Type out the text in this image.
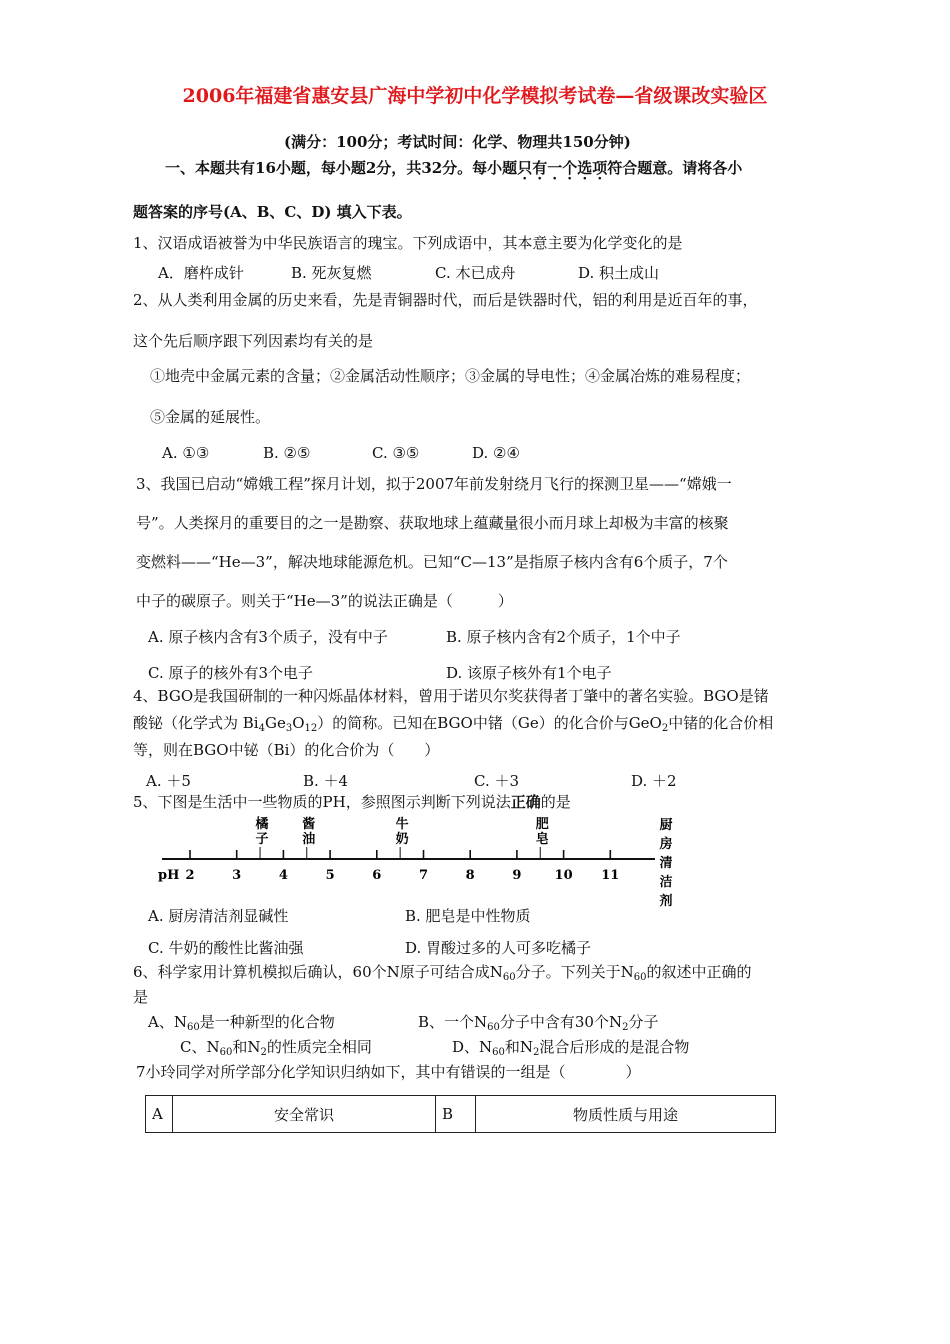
2006年福建省惠安县广海中学初中化学模拟考试卷—省级课改实验区
(满分：100分；考试时间：化学、物理共150分钟)
一、本题共有16小题，每小题2分，共32分。每小题只有一个选项符合题意。请将各小
题答案的序号(A、B、C、D) 填入下表。
1、汉语成语被誉为中华民族语言的瑰宝。下列成语中，其本意主要为化学变化的是
A．磨杵成针	B. 死灰复燃	C. 木已成舟	D. 积土成山
2、从人类利用金属的历史来看，先是青铜器时代，而后是铁器时代，铝的利用是近百年的事，
这个先后顺序跟下列因素均有关的是
①地壳中金属元素的含量；②金属活动性顺序；③金属的导电性；④金属冶炼的难易程度；
⑤金属的延展性。
A. ①③	B. ②⑤	C. ③⑤	D. ②④
3、我国已启动“嫦娥工程”探月计划，拟于2007年前发射绕月飞行的探测卫星——“嫦娥一
号”。人类探月的重要目的之一是勘察、获取地球上蕴藏量很小而月球上却极为丰富的核聚
变燃料——“He—3”，解决地球能源危机。已知“C—13”是指原子核内含有6个质子，7个
中子的碳原子。则关于“He—3”的说法正确是（　　　）
A. 原子核内含有3个质子，没有中子	B. 原子核内含有2个质子，1个中子
C. 原子的核外有3个电子	D. 该原子核外有1个电子
4、BGO是我国研制的一种闪烁晶体材料，曾用于诺贝尔奖获得者丁肇中的著名实验。BGO是锗
酸铋（化学式为 $Bi_4Ge_3O_{12}$）的简称。已知在BGO中锗（Ge）的化合价与GeO$_2$中锗的化合价相
等，则在BGO中铋（Bi）的化合价为（　　）
A. ＋5	B. ＋4	C. ＋3	D. ＋2
5、下图是生活中一些物质的PH，参照图示判断下列说法正确的是
pH 2	3	4	5	6	7	8	9	10 11
橘
子
酱
油
牛
奶
肥
皂
厨
房
清
洁
剂
A. 厨房清洁剂显碱性	B. 肥皂是中性物质
C. 牛奶的酸性比酱油强	D. 胃酸过多的人可多吃橘子
6、科学家用计算机模拟后确认，60个N原子可结合成$N_{60}$分子。下列关于$N_{60}$的叙述中正确的
是
A、$N_{60}$是一种新型的化合物	B、一个$N_{60}$分子中含有30个$N_2$分子
C、$N_{60}$和$N_2$的性质完全相同	D、$N_{60}$和$N_2$混合后形成的是混合物
7小玲同学对所学部分化学知识归纳如下，其中有错误的一组是（　　　　）
A	安全常识	B	物质性质与用途
